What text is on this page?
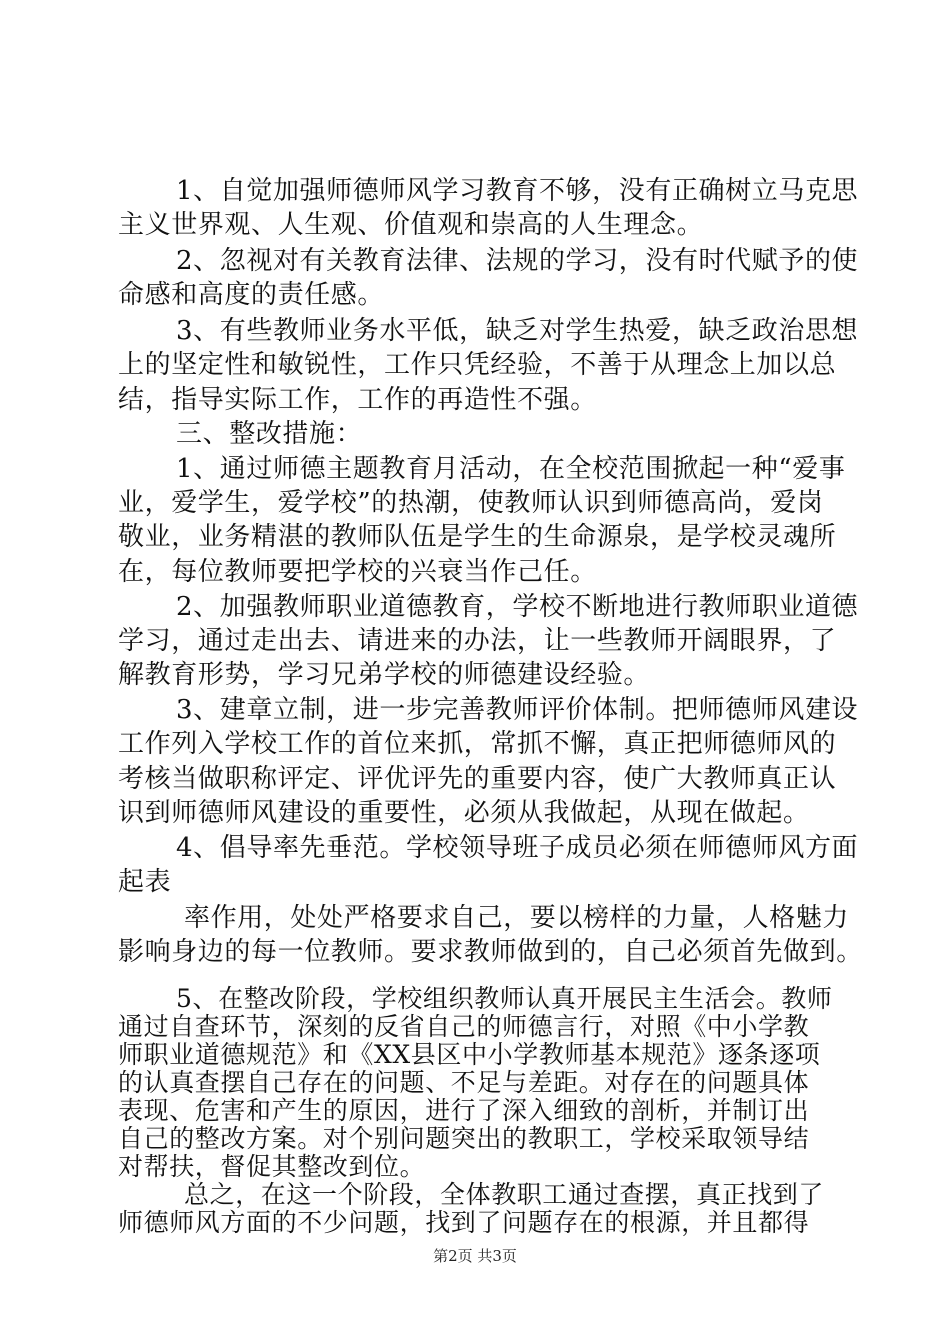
1、自觉加强师德师风学习教育不够，没有正确树立马克思
主义世界观、人生观、价值观和崇高的人生理念。
2、忽视对有关教育法律、法规的学习，没有时代赋予的使
命感和高度的责任感。
3、有些教师业务水平低，缺乏对学生热爱，缺乏政治思想
上的坚定性和敏锐性，工作只凭经验，不善于从理念上加以总
结，指导实际工作，工作的再造性不强。
三、整改措施：
1、通过师德主题教育月活动，在全校范围掀起一种“爱事
业，爱学生，爱学校”的热潮，使教师认识到师德高尚，爱岗
敬业，业务精湛的教师队伍是学生的生命源泉，是学校灵魂所
在，每位教师要把学校的兴衰当作己任。
2、加强教师职业道德教育，学校不断地进行教师职业道德
学习，通过走出去、请进来的办法，让一些教师开阔眼界，了
解教育形势，学习兄弟学校的师德建设经验。
3、建章立制，进一步完善教师评价体制。把师德师风建设
工作列入学校工作的首位来抓，常抓不懈，真正把师德师风的
考核当做职称评定、评优评先的重要内容，使广大教师真正认
识到师德师风建设的重要性，必须从我做起，从现在做起。
4、倡导率先垂范。学校领导班子成员必须在师德师风方面
起表
率作用，处处严格要求自己，要以榜样的力量，人格魅力
影响身边的每一位教师。要求教师做到的，自己必须首先做到。
5、在整改阶段，学校组织教师认真开展民主生活会。教师
通过自查环节，深刻的反省自己的师德言行，对照《中小学教
师职业道德规范》和《XX县区中小学教师基本规范》逐条逐项
的认真查摆自己存在的问题、不足与差距。对存在的问题具体
表现、危害和产生的原因，进行了深入细致的剖析，并制订出
自己的整改方案。对个别问题突出的教职工，学校采取领导结
对帮扶，督促其整改到位。
总之，在这一个阶段，全体教职工通过查摆，真正找到了
师德师风方面的不少问题，找到了问题存在的根源，并且都得
第2页 共3页
